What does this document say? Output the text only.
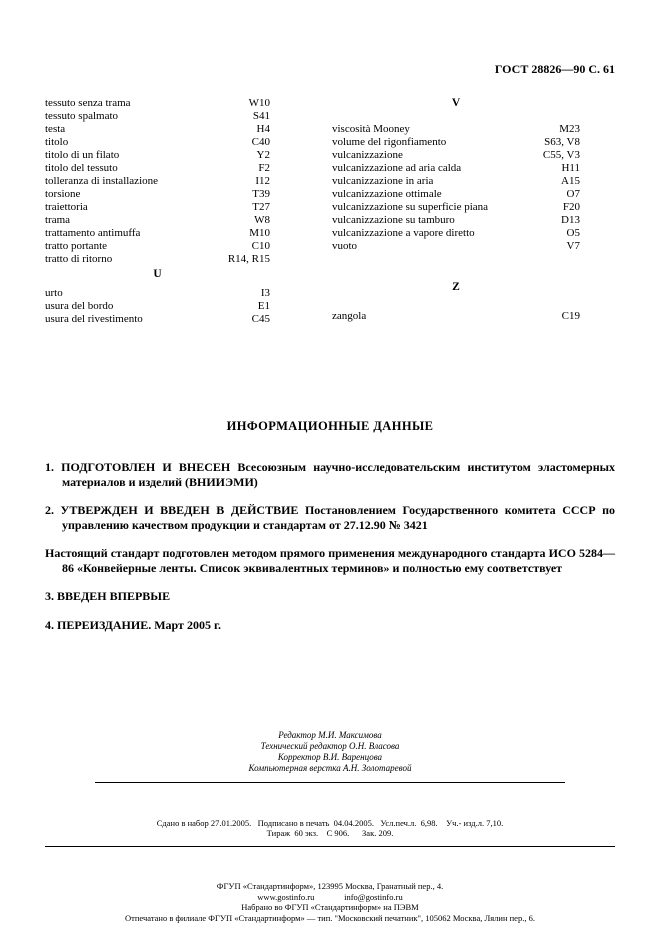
ГОСТ 28826—90 С. 61
tessuto senza trama	W10
tessuto spalmato	S41
testa	H4
titolo	C40
titolo di un filato	Y2
titolo del tessuto	F2
tolleranza di installazione	I12
torsione	T39
traiettoria	T27
trama	W8
trattamento antimuffa	M10
tratto portante	C10
tratto di ritorno	R14, R15
U
urto	I3
usura del bordo	E1
usura del rivestimento	C45
V
viscosità Mooney	M23
volume del rigonfiamento	S63, V8
vulcanizzazione	C55, V3
vulcanizzazione ad aria calda	H11
vulcanizzazione in aria	A15
vulcanizzazione ottimale	O7
vulcanizzazione su superficie piana	F20
vulcanizzazione su tamburo	D13
vulcanizzazione a vapore diretto	O5
vuoto	V7
Z
zangola	C19
ИНФОРМАЦИОННЫЕ ДАННЫЕ

1. ПОДГОТОВЛЕН И ВНЕСЕН Всесоюзным научно-исследовательским институтом эластомерных материалов и изделий (ВНИИЭМИ)

2. УТВЕРЖДЕН И ВВЕДЕН В ДЕЙСТВИЕ Постановлением Государственного комитета СССР по управлению качеством продукции и стандартам от 27.12.90 № 3421

Настоящий стандарт подготовлен методом прямого применения международного стандарта ИСО 5284—86 «Конвейерные ленты. Список эквивалентных терминов» и полностью ему соответствует

3. ВВЕДЕН ВПЕРВЫЕ

4. ПЕРЕИЗДАНИЕ. Март 2005 г.

Редактор М.И. Максимова
Технический редактор О.Н. Власова
Корректор В.И. Варенцова
Компьютерная верстка А.Н. Золотаревой

Сдано в набор 27.01.2005.   Подписано в печать  04.04.2005.   Усл.печ.л.  6,98.    Уч.- изд.л. 7,10.
Тираж  60 экз.    С 906.      Зак. 209.

ФГУП «Стандартинформ», 123995 Москва, Гранатный пер., 4.
www.gostinfo.ru              info@gostinfo.ru
Набрано во ФГУП «Стандартинформ» на ПЭВМ
Отпечатано в филиале ФГУП «Стандартинформ» — тип. "Московский печатник", 105062 Москва, Лялин пер., 6.
